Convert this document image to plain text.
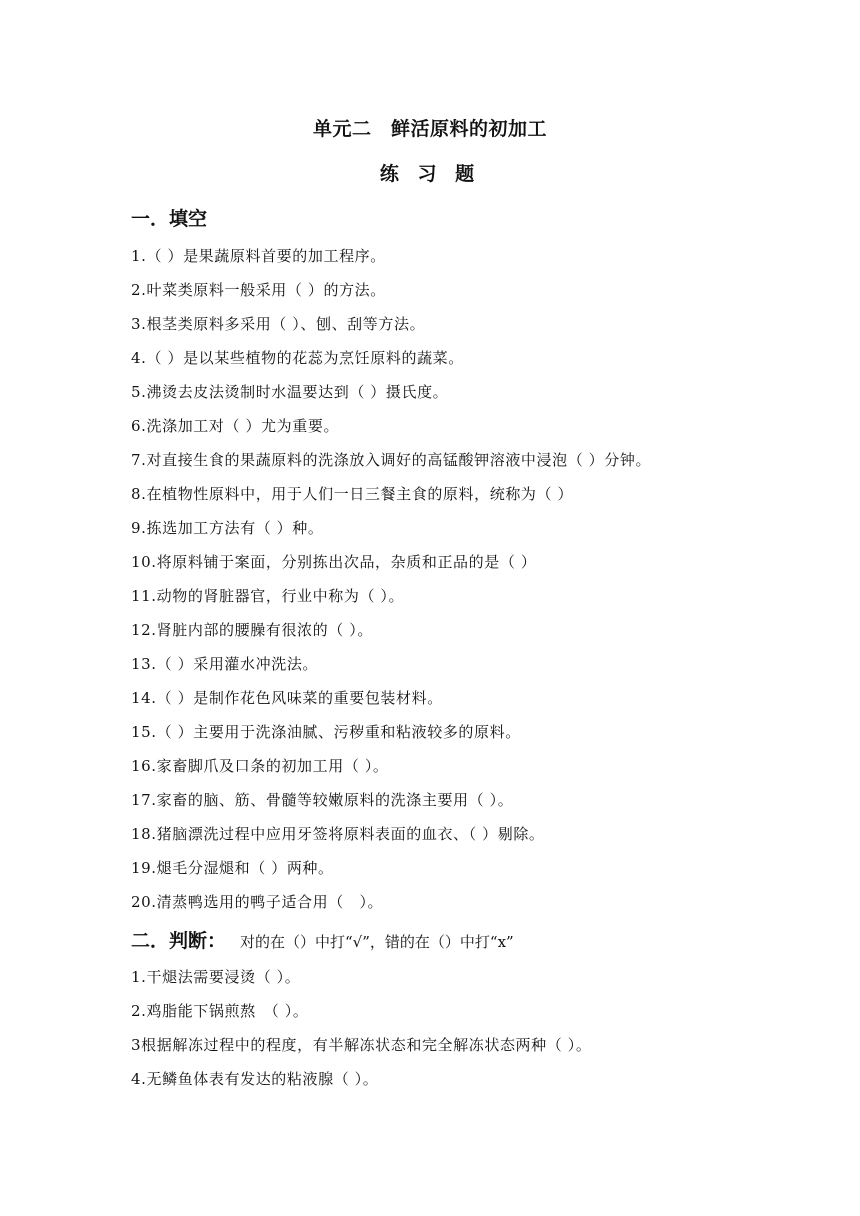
单元二　鲜活原料的初加工
练 习 题
一．填空
1.（ ）是果蔬原料首要的加工程序。
2.叶菜类原料一般采用（ ）的方法。
3.根茎类原料多采用（ ）、刨、刮等方法。
4.（ ）是以某些植物的花蕊为烹饪原料的蔬菜。
5.沸烫去皮法烫制时水温要达到（ ）摄氏度。
6.洗涤加工对（ ）尤为重要。
7.对直接生食的果蔬原料的洗涤放入调好的高锰酸钾溶液中浸泡（ ）分钟。
8.在植物性原料中，用于人们一日三餐主食的原料，统称为（ ）
9.拣选加工方法有（ ）种。
10.将原料铺于案面，分别拣出次品，杂质和正品的是（ ）
11.动物的肾脏器官，行业中称为（ ）。
12.肾脏内部的腰臊有很浓的（ ）。
13.（ ）采用灌水冲洗法。
14.（ ）是制作花色风味菜的重要包装材料。
15.（ ）主要用于洗涤油腻、污秽重和粘液较多的原料。
16.家畜脚爪及口条的初加工用（ ）。
17.家畜的脑、筋、骨髓等较嫩原料的洗涤主要用（ ）。
18.猪脑漂洗过程中应用牙签将原料表面的血衣、（ ）剔除。
19.煺毛分湿煺和（ ）两种。
20.清蒸鸭选用的鸭子适合用（　）。
二．判断： 对的在（）中打“√”，错的在（）中打“x”
1.干煺法需要浸烫（ ）。
2.鸡脂能下锅煎熬　（ ）。
3根据解冻过程中的程度，有半解冻状态和完全解冻状态两种（ ）。
4.无鳞鱼体表有发达的粘液腺（ ）。
